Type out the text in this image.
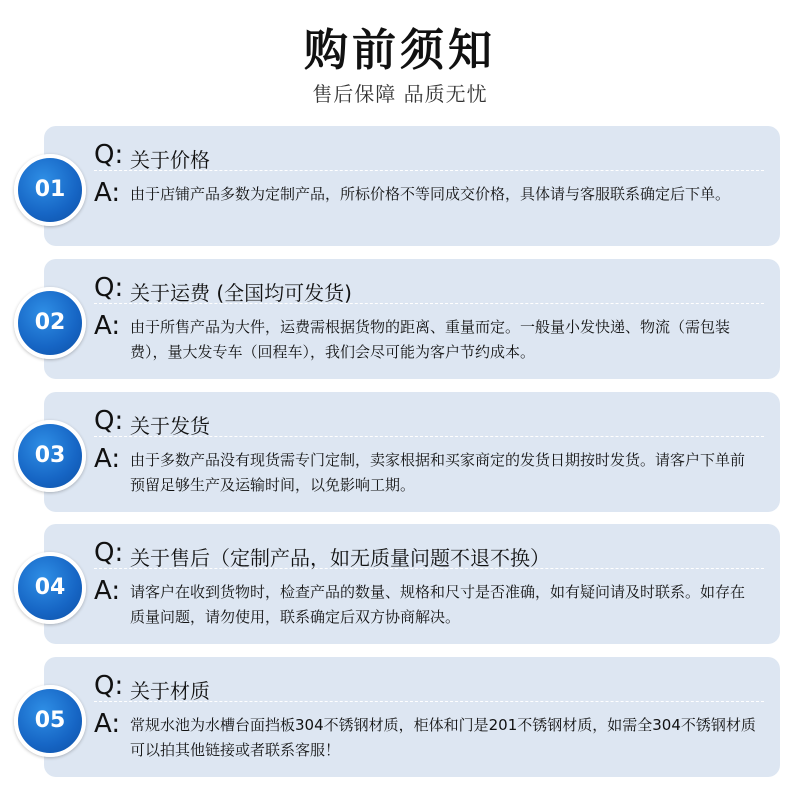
购前须知
售后保障 品质无忧
01
Q: 关于价格
A: 由于店铺产品多数为定制产品，所标价格不等同成交价格，具体请与客服联系确定后下单。
02
Q: 关于运费 (全国均可发货)
A: 由于所售产品为大件，运费需根据货物的距离、重量而定。一般量小发快递、物流（需包装费），量大发专车（回程车），我们会尽可能为客户节约成本。
03
Q: 关于发货
A: 由于多数产品没有现货需专门定制，卖家根据和买家商定的发货日期按时发货。请客户下单前预留足够生产及运输时间，以免影响工期。
04
Q: 关于售后（定制产品，如无质量问题不退不换）
A: 请客户在收到货物时，检查产品的数量、规格和尺寸是否准确，如有疑问请及时联系。如存在质量问题，请勿使用，联系确定后双方协商解决。
05
Q: 关于材质
A: 常规水池为水槽台面挡板304不锈钢材质，柜体和门是201不锈钢材质，如需全304不锈钢材质可以拍其他链接或者联系客服！
